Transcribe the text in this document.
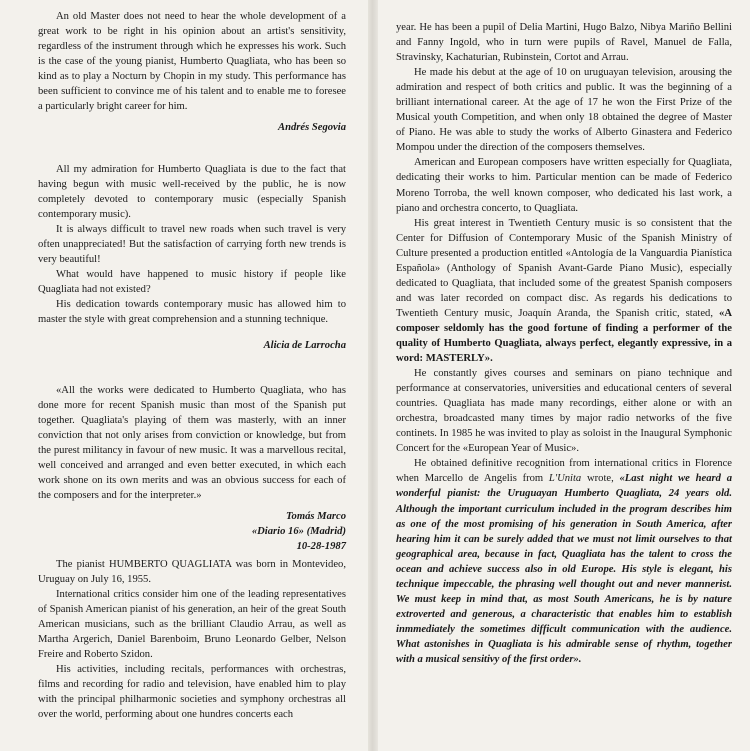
An old Master does not need to hear the whole development of a great work to be right in his opinion about an artist's sensitivity, regardless of the instrument through which he expresses his work. Such is the case of the young pianist, Humberto Quagliata, who has been so kind as to play a Nocturn by Chopin in my study. This performance has been sufficient to convince me of his talent and to enable me to foresee a particularly bright career for him.

Andrés Segovia

All my admiration for Humberto Quagliata is due to the fact that having begun with music well-received by the public, he is now completely devoted to contemporary music (especially Spanish contemporary music).

It is always difficult to travel new roads when such travel is very often unappreciated! But the satisfaction of carrying forth new trends is very beautiful!

What would have happened to music history if people like Quagliata had not existed?

His dedication towards contemporary music has allowed him to master the style with great comprehension and a stunning technique.

Alicia de Larrocha

«All the works were dedicated to Humberto Quagliata, who has done more for recent Spanish music than most of the Spanish put together. Quagliata's playing of them was masterly, with an inner conviction that not only arises from conviction or knowledge, but from the purest militancy in favour of new music. It was a marvellous recital, well conceived and arranged and even better executed, in which each work shone on its own merits and was an obvious success for each of the composers and for the interpreter.»

Tomás Marco

«Diario 16» (Madrid)

10-28-1987

The pianist HUMBERTO QUAGLIATA was born in Montevideo, Uruguay on July 16, 1955.

International critics consider him one of the leading representatives of Spanish American pianist of his generation, an heir of the great South American musicians, such as the brilliant Claudio Arrau, as well as Martha Argerich, Daniel Barenboim, Bruno Leonardo Gelber, Nelson Freire and Roberto Szidon.

His activities, including recitals, performances with orchestras, films and recording for radio and television, have enabled him to play with the principal philharmonic societies and symphony orchestras all over the world, performing about one hundres concerts each

year. He has been a pupil of Delia Martini, Hugo Balzo, Nibya Mariño Bellini and Fanny Ingold, who in turn were pupils of Ravel, Manuel de Falla, Stravinsky, Kachaturian, Rubinstein, Cortot and Arrau.

He made his debut at the age of 10 on uruguayan television, arousing the admiration and respect of both critics and public. It was the beginning of a brilliant international career. At the age of 17 he won the First Prize of the Musical youth Competition, and when only 18 obtained the degree of Master of Piano. He was able to study the works of Alberto Ginastera and Federico Mompou under the direction of the composers themselves.

American and European composers have written especially for Quagliata, dedicating their works to him. Particular mention can be made of Federico Moreno Torroba, the well known composer, who dedicated his last work, a piano and orchestra concerto, to Quagliata.

His great interest in Twentieth Century music is so consistent that the Center for Diffusion of Contemporary Music of the Spanish Ministry of Culture presented a production entitled «Antología de la Vanguardia Pianística Española» (Anthology of Spanish Avant-Garde Piano Music), especially dedicated to Quagliata, that included some of the greatest Spanish composers and was later recorded on compact disc. As regards his dedications to Twentieth Century music, Joaquín Aranda, the Spanish critic, stated, «A composer seldomly has the good fortune of finding a performer of the quality of Humberto Quagliata, always perfect, elegantly expressive, in a word: MASTERLY».

He constantly gives courses and seminars on piano technique and performance at conservatories, universities and educational centers of several countries. Quagliata has made many recordings, either alone or with an orchestra, broadcasted many times by major radio networks of the five continets. In 1985 he was invited to play as soloist in the Inaugural Symphonic Concert for the «European Year of Music».

He obtained definitive recognition from international critics in Florence when Marcello de Angelis from L'Unita wrote, «Last night we heard a wonderful pianist: the Uruguayan Humberto Quagliata, 24 years old. Although the important curriculum included in the program describes him as one of the most promising of his generation in South America, after hearing him it can be surely added that we must not limit ourselves to that geographical area, because in fact, Quagliata has the talent to cross the ocean and achieve success also in old Europe. His style is elegant, his technique impeccable, the phrasing well thought out and never mannerist. We must keep in mind that, as most South Americans, he is by nature extroverted and generous, a characteristic that enables him to establish inmmediately the sometimes difficult communication with the audience. What astonishes in Quagliata is his admirable sense of rhythm, together with a musical sensitivy of the first order».
